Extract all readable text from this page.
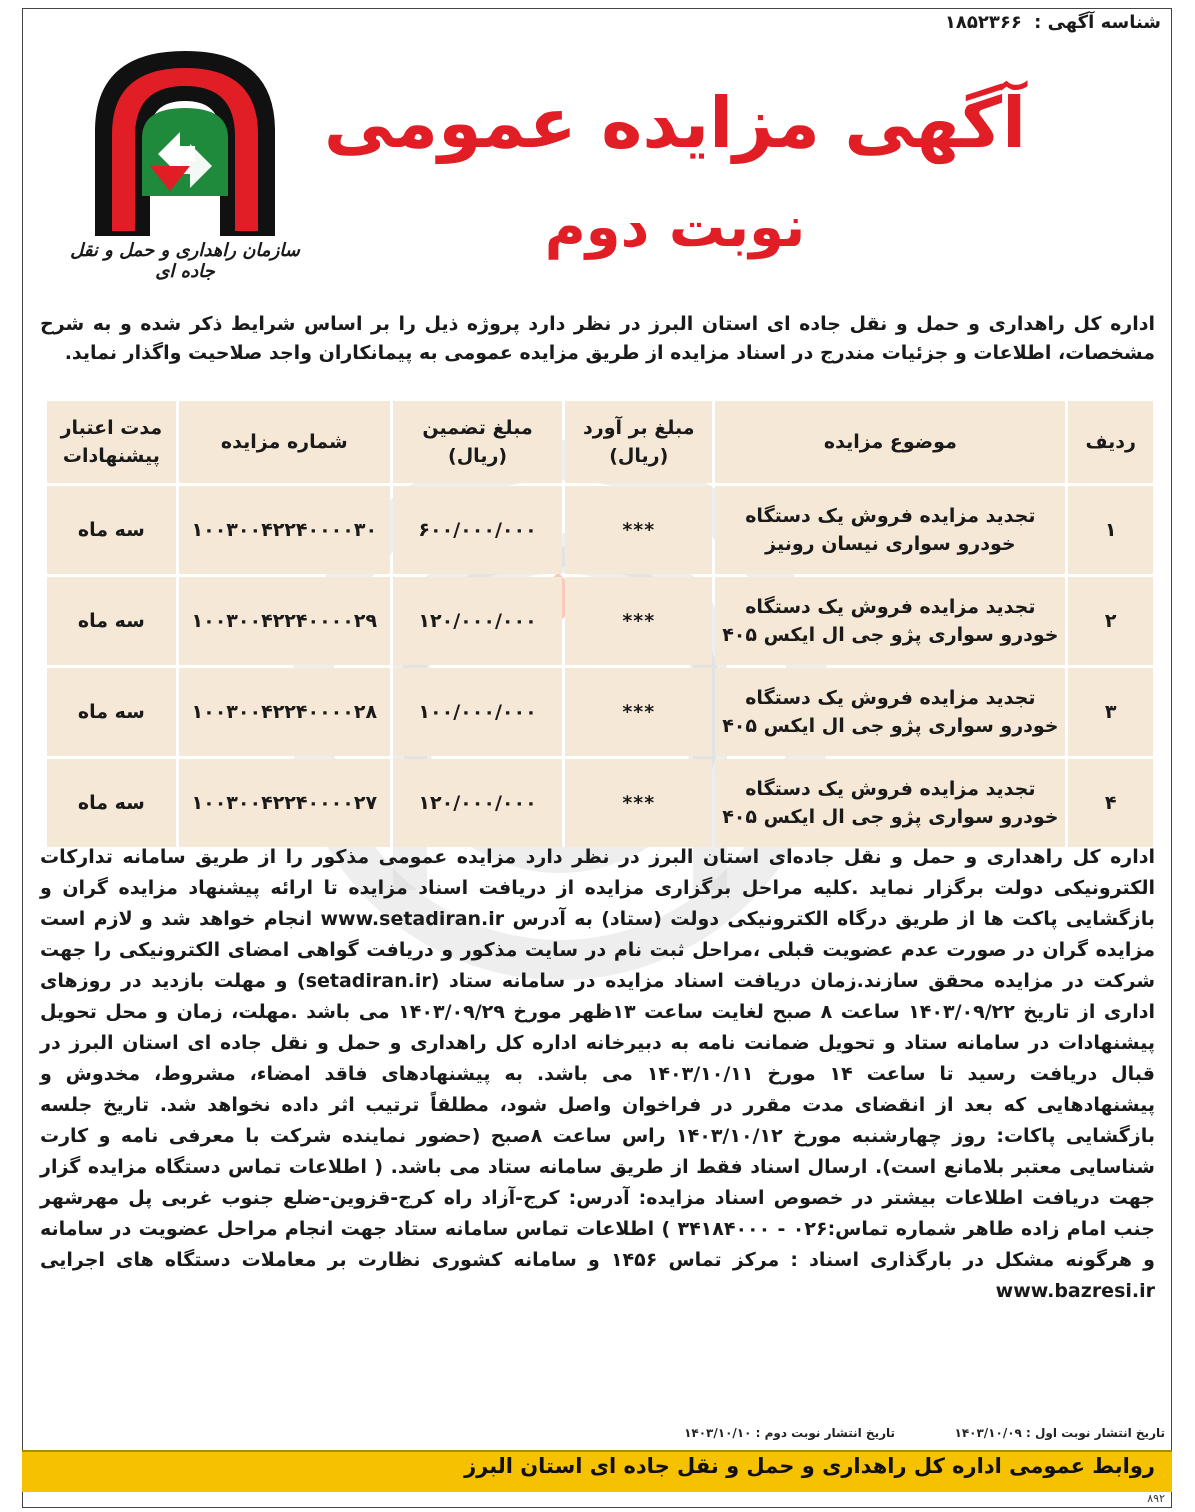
شناسه آگهی : ۱۸۵۲۳۶۶
سازمان راهداری و حمل و نقل جاده ای
آگهی مزایده عمومی
نوبت دوم
اداره کل راهداری و حمل و نقل جاده ای استان البرز در نظر دارد پروژه ذیل را بر اساس شرایط ذکر شده و به شرح مشخصات، اطلاعات و جزئیات مندرج در اسناد مزایده از طریق مزایده عمومی به پیمانکاران واجد صلاحیت واگذار نماید.
ردیف	موضوع مزایده	مبلغ بر آورد (ریال)	مبلغ تضمین (ریال)	شماره مزایده	مدت اعتبار پیشنهادات
۱	تجدید مزایده فروش یک دستگاه خودرو سواری نیسان رونیز	***	۶۰۰/۰۰۰/۰۰۰	۱۰۰۳۰۰۴۲۲۴۰۰۰۰۳۰	سه ماه
۲	تجدید مزایده فروش یک دستگاه خودرو سواری پژو جی ال ایکس ۴۰۵	***	۱۲۰/۰۰۰/۰۰۰	۱۰۰۳۰۰۴۲۲۴۰۰۰۰۲۹	سه ماه
۳	تجدید مزایده فروش یک دستگاه خودرو سواری پژو جی ال ایکس ۴۰۵	***	۱۰۰/۰۰۰/۰۰۰	۱۰۰۳۰۰۴۲۲۴۰۰۰۰۲۸	سه ماه
۴	تجدید مزایده فروش یک دستگاه خودرو سواری پژو جی ال ایکس ۴۰۵	***	۱۲۰/۰۰۰/۰۰۰	۱۰۰۳۰۰۴۲۲۴۰۰۰۰۲۷	سه ماه
اداره کل راهداری و حمل و نقل جاده‌ای استان البرز در نظر دارد مزایده عمومی مذکور را از طریق سامانه تدارکات الکترونیکی دولت برگزار نماید .کلیه مراحل برگزاری مزایده از دریافت اسناد مزایده تا ارائه پیشنهاد مزایده گران و بازگشایی پاکت ها از طریق درگاه الکترونیکی دولت (ستاد) به آدرس www.setadiran.ir انجام خواهد شد و لازم است مزایده گران در صورت عدم عضویت قبلی ،مراحل ثبت نام در سایت مذکور و دریافت گواهی امضای الکترونیکی را جهت شرکت در مزایده محقق سازند.زمان دریافت اسناد مزایده در سامانه ستاد (setadiran.ir) و مهلت بازدید در روزهای اداری از تاریخ ۱۴۰۳/۰۹/۲۲ ساعت ۸ صبح لغایت ساعت ۱۳ظهر مورخ ۱۴۰۳/۰۹/۲۹ می باشد .مهلت، زمان و محل تحویل پیشنهادات در سامانه ستاد و تحویل ضمانت نامه به دبیرخانه اداره کل راهداری و حمل و نقل جاده ای استان البرز در قبال دریافت رسید تا ساعت ۱۴ مورخ ۱۴۰۳/۱۰/۱۱ می باشد. به پیشنهادهای فاقد امضاء، مشروط، مخدوش و پیشنهادهایی که بعد از انقضای مدت مقرر در فراخوان واصل شود، مطلقاً ترتیب اثر داده نخواهد شد. تاریخ جلسه بازگشایی پاکات: روز چهارشنبه مورخ ۱۴۰۳/۱۰/۱۲ راس ساعت ۸صبح (حضور نماینده شرکت با معرفی نامه و کارت شناسایی معتبر بلامانع است). ارسال اسناد فقط از طریق سامانه ستاد می باشد. ( اطلاعات تماس دستگاه مزایده گزار جهت دریافت اطلاعات بیشتر در خصوص اسناد مزایده: آدرس: کرج-آزاد راه کرج-قزوین-ضلع جنوب غربی پل مهرشهر جنب امام زاده طاهر شماره تماس:۰۲۶ - ۳۴۱۸۴۰۰۰ ) اطلاعات تماس سامانه ستاد جهت انجام مراحل عضویت در سامانه و هرگونه مشکل در بارگذاری اسناد : مرکز تماس ۱۴۵۶ و سامانه کشوری نظارت بر معاملات دستگاه های اجرایی www.bazresi.ir
تاریخ انتشار نوبت اول : ۱۴۰۳/۱۰/۰۹
تاریخ انتشار نوبت دوم : ۱۴۰۳/۱۰/۱۰
روابط عمومی اداره کل راهداری و حمل و نقل جاده ای استان البرز
۸۹۲
